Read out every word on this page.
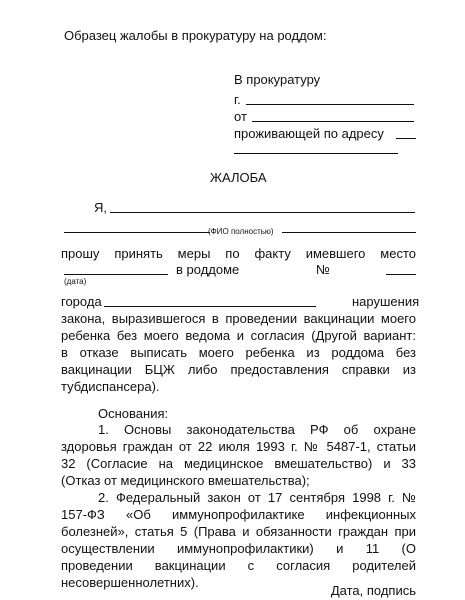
Образец жалобы в прокуратуру на роддом:
В прокуратуру
г.
от
проживающей по адресу
ЖАЛОБА
Я,
(ФИО полностью)
прошу принять меры по факту имевшего место
в роддоме	№
(дата)
города	нарушения
закона, выразившегося в проведении вакцинации моего
ребенка без моего ведома и согласия (Другой вариант:
в отказе выписать моего ребенка из роддома без
вакцинации БЦЖ либо предоставления справки из
тубдиспансера).
Основания:
1. Основы законодательства РФ об охране
здоровья граждан от 22 июля 1993 г. № 5487-1, статьи
32 (Согласие на медицинское вмешательство) и 33
(Отказ от медицинского вмешательства);
2. Федеральный закон от 17 сентября 1998 г. №
157-ФЗ «Об иммунопрофилактике инфекционных
болезней», статья 5 (Права и обязанности граждан при
осуществлении иммунопрофилактики) и 11 (О
проведении вакцинации с согласия родителей
несовершеннолетних).
Дата, подпись
